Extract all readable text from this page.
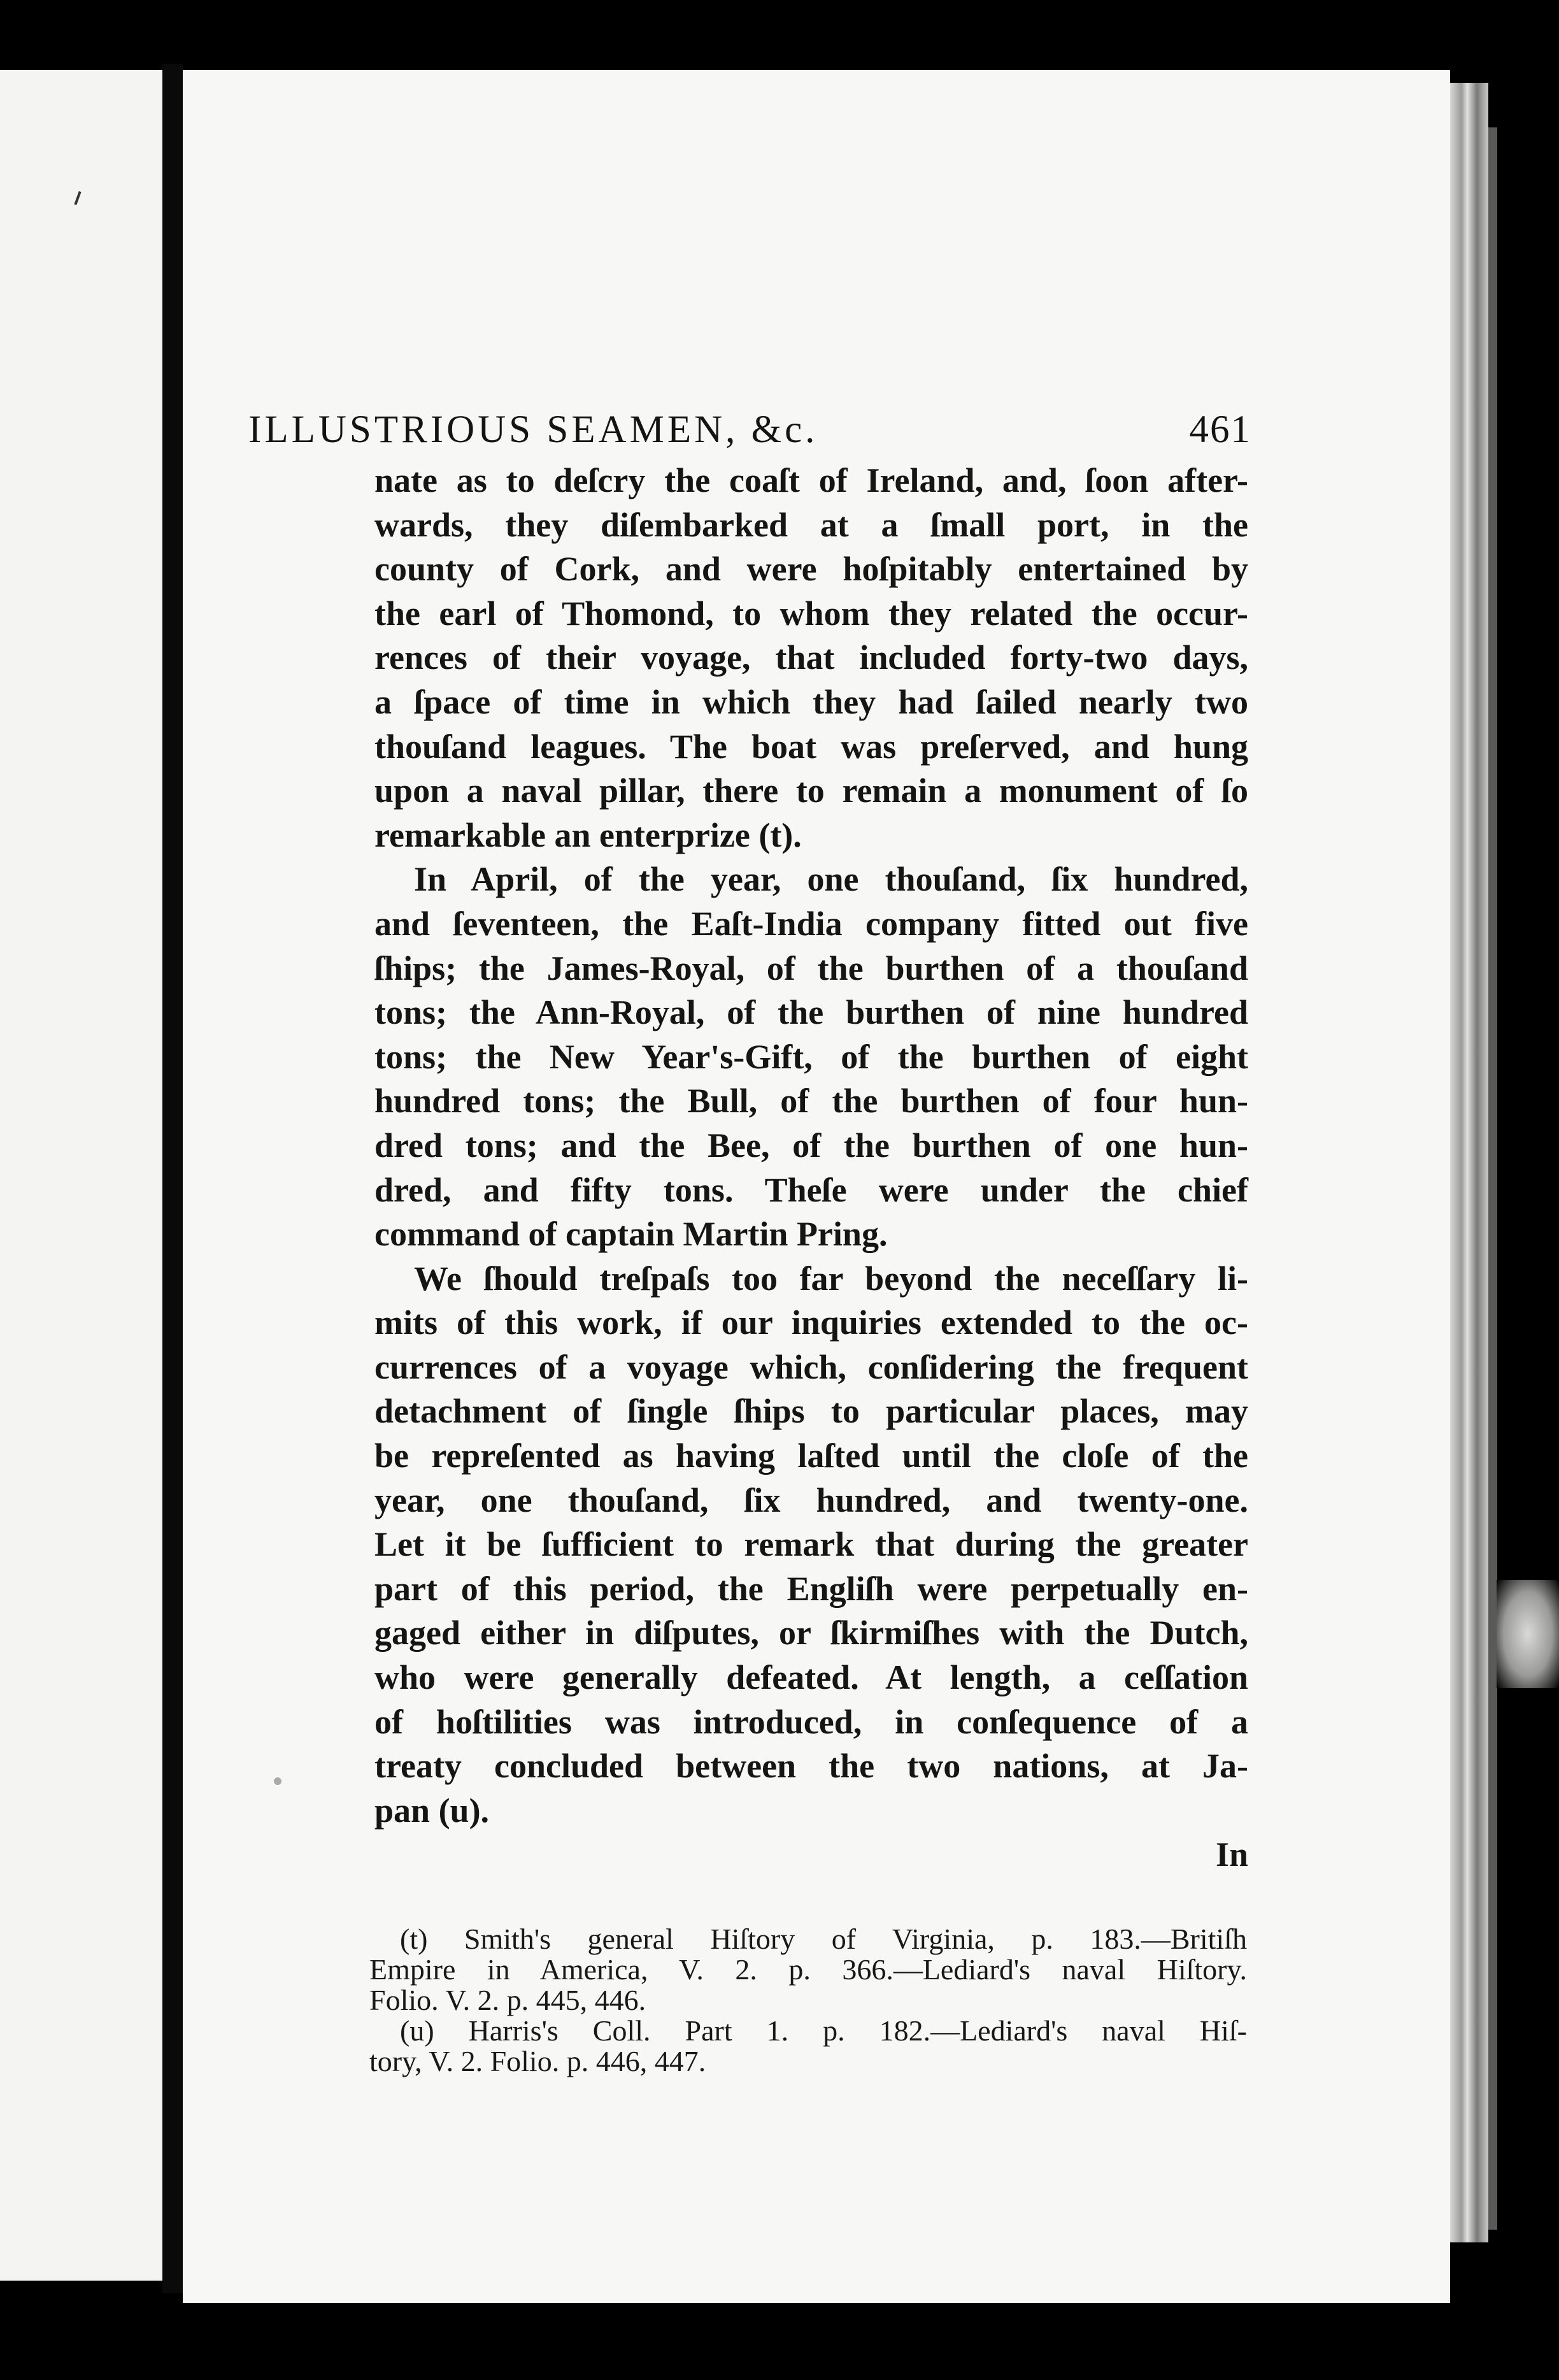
ILLUSTRIOUS SEAMEN, &c.	461
nate as to deſcry the coaſt of Ireland, and, ſoon after-
wards, they diſembarked at a ſmall port, in the
county of Cork, and were hoſpitably entertained by
the earl of Thomond, to whom they related the occur-
rences of their voyage, that included forty-two days,
a ſpace of time in which they had ſailed nearly two
thouſand leagues. The boat was preſerved, and hung
upon a naval pillar, there to remain a monument of ſo
remarkable an enterprize (t).
In April, of the year, one thouſand, ſix hundred,
and ſeventeen, the Eaſt-India company fitted out five
ſhips; the James-Royal, of the burthen of a thouſand
tons; the Ann-Royal, of the burthen of nine hundred
tons; the New Year's-Gift, of the burthen of eight
hundred tons; the Bull, of the burthen of four hun-
dred tons; and the Bee, of the burthen of one hun-
dred, and fifty tons. Theſe were under the chief
command of captain Martin Pring.
We ſhould treſpaſs too far beyond the neceſſary li-
mits of this work, if our inquiries extended to the oc-
currences of a voyage which, conſidering the frequent
detachment of ſingle ſhips to particular places, may
be repreſented as having laſted until the cloſe of the
year, one thouſand, ſix hundred, and twenty-one.
Let it be ſufficient to remark that during the greater
part of this period, the Engliſh were perpetually en-
gaged either in diſputes, or ſkirmiſhes with the Dutch,
who were generally defeated. At length, a ceſſation
of hoſtilities was introduced, in conſequence of a
treaty concluded between the two nations, at Ja-
pan (u).
In
(t) Smith's general Hiſtory of Virginia, p. 183.—Britiſh
Empire in America, V. 2. p. 366.—Lediard's naval Hiſtory.
Folio. V. 2. p. 445, 446.
(u) Harris's Coll. Part 1. p. 182.—Lediard's naval Hiſ-
tory, V. 2. Folio. p. 446, 447.
